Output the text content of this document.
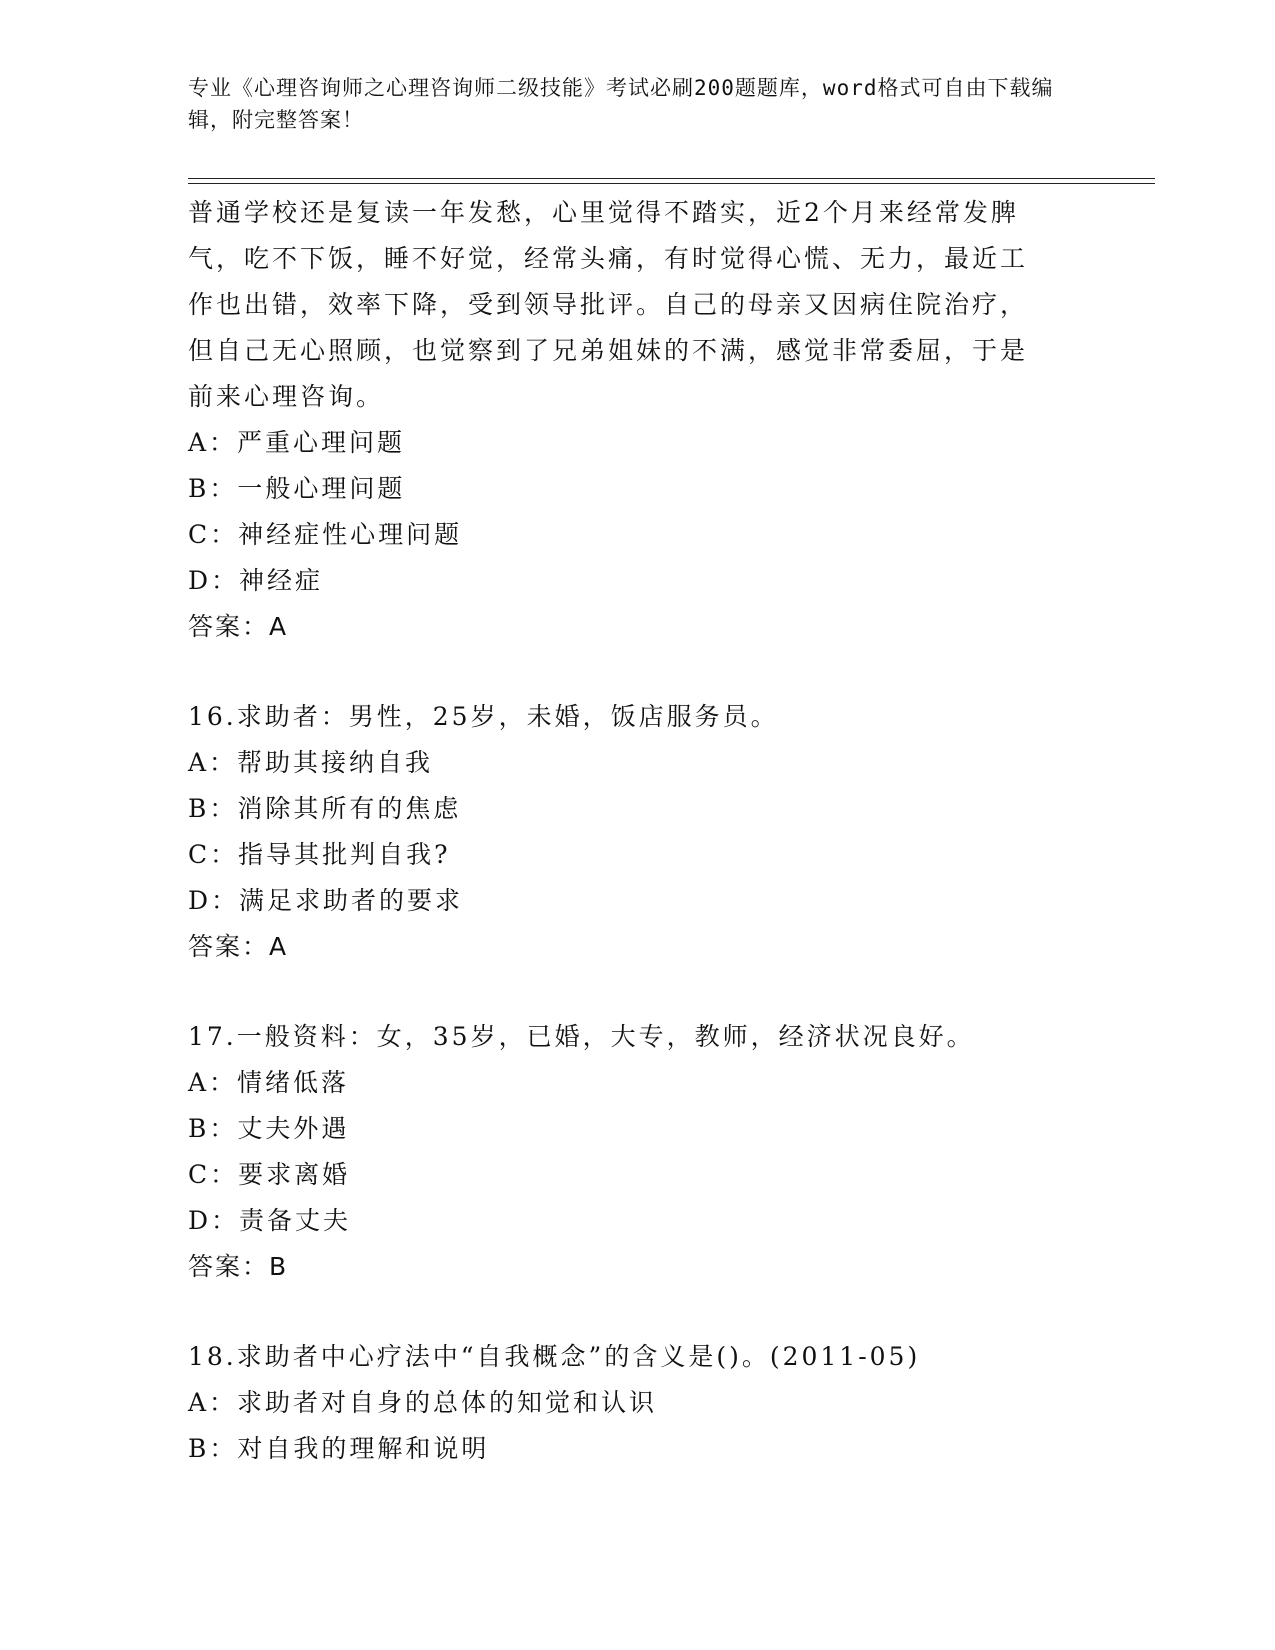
专业《心理咨询师之心理咨询师二级技能》考试必刷200题题库，word格式可自由下载编辑，附完整答案！

普通学校还是复读一年发愁，心里觉得不踏实，近2个月来经常发脾

气，吃不下饭，睡不好觉，经常头痛，有时觉得心慌、无力，最近工

作也出错，效率下降，受到领导批评。自己的母亲又因病住院治疗，

但自己无心照顾，也觉察到了兄弟姐妹的不满，感觉非常委屈，于是

前来心理咨询。

A：严重心理问题

B：一般心理问题

C：神经症性心理问题

D：神经症

答案：A

16.求助者：男性，25岁，未婚，饭店服务员。

A：帮助其接纳自我

B：消除其所有的焦虑

C：指导其批判自我?

D：满足求助者的要求

答案：A

17.一般资料：女，35岁，已婚，大专，教师，经济状况良好。

A：情绪低落

B：丈夫外遇

C：要求离婚

D：责备丈夫

答案：B

18.求助者中心疗法中“自我概念”的含义是()。(2011-05)

A：求助者对自身的总体的知觉和认识

B：对自我的理解和说明
